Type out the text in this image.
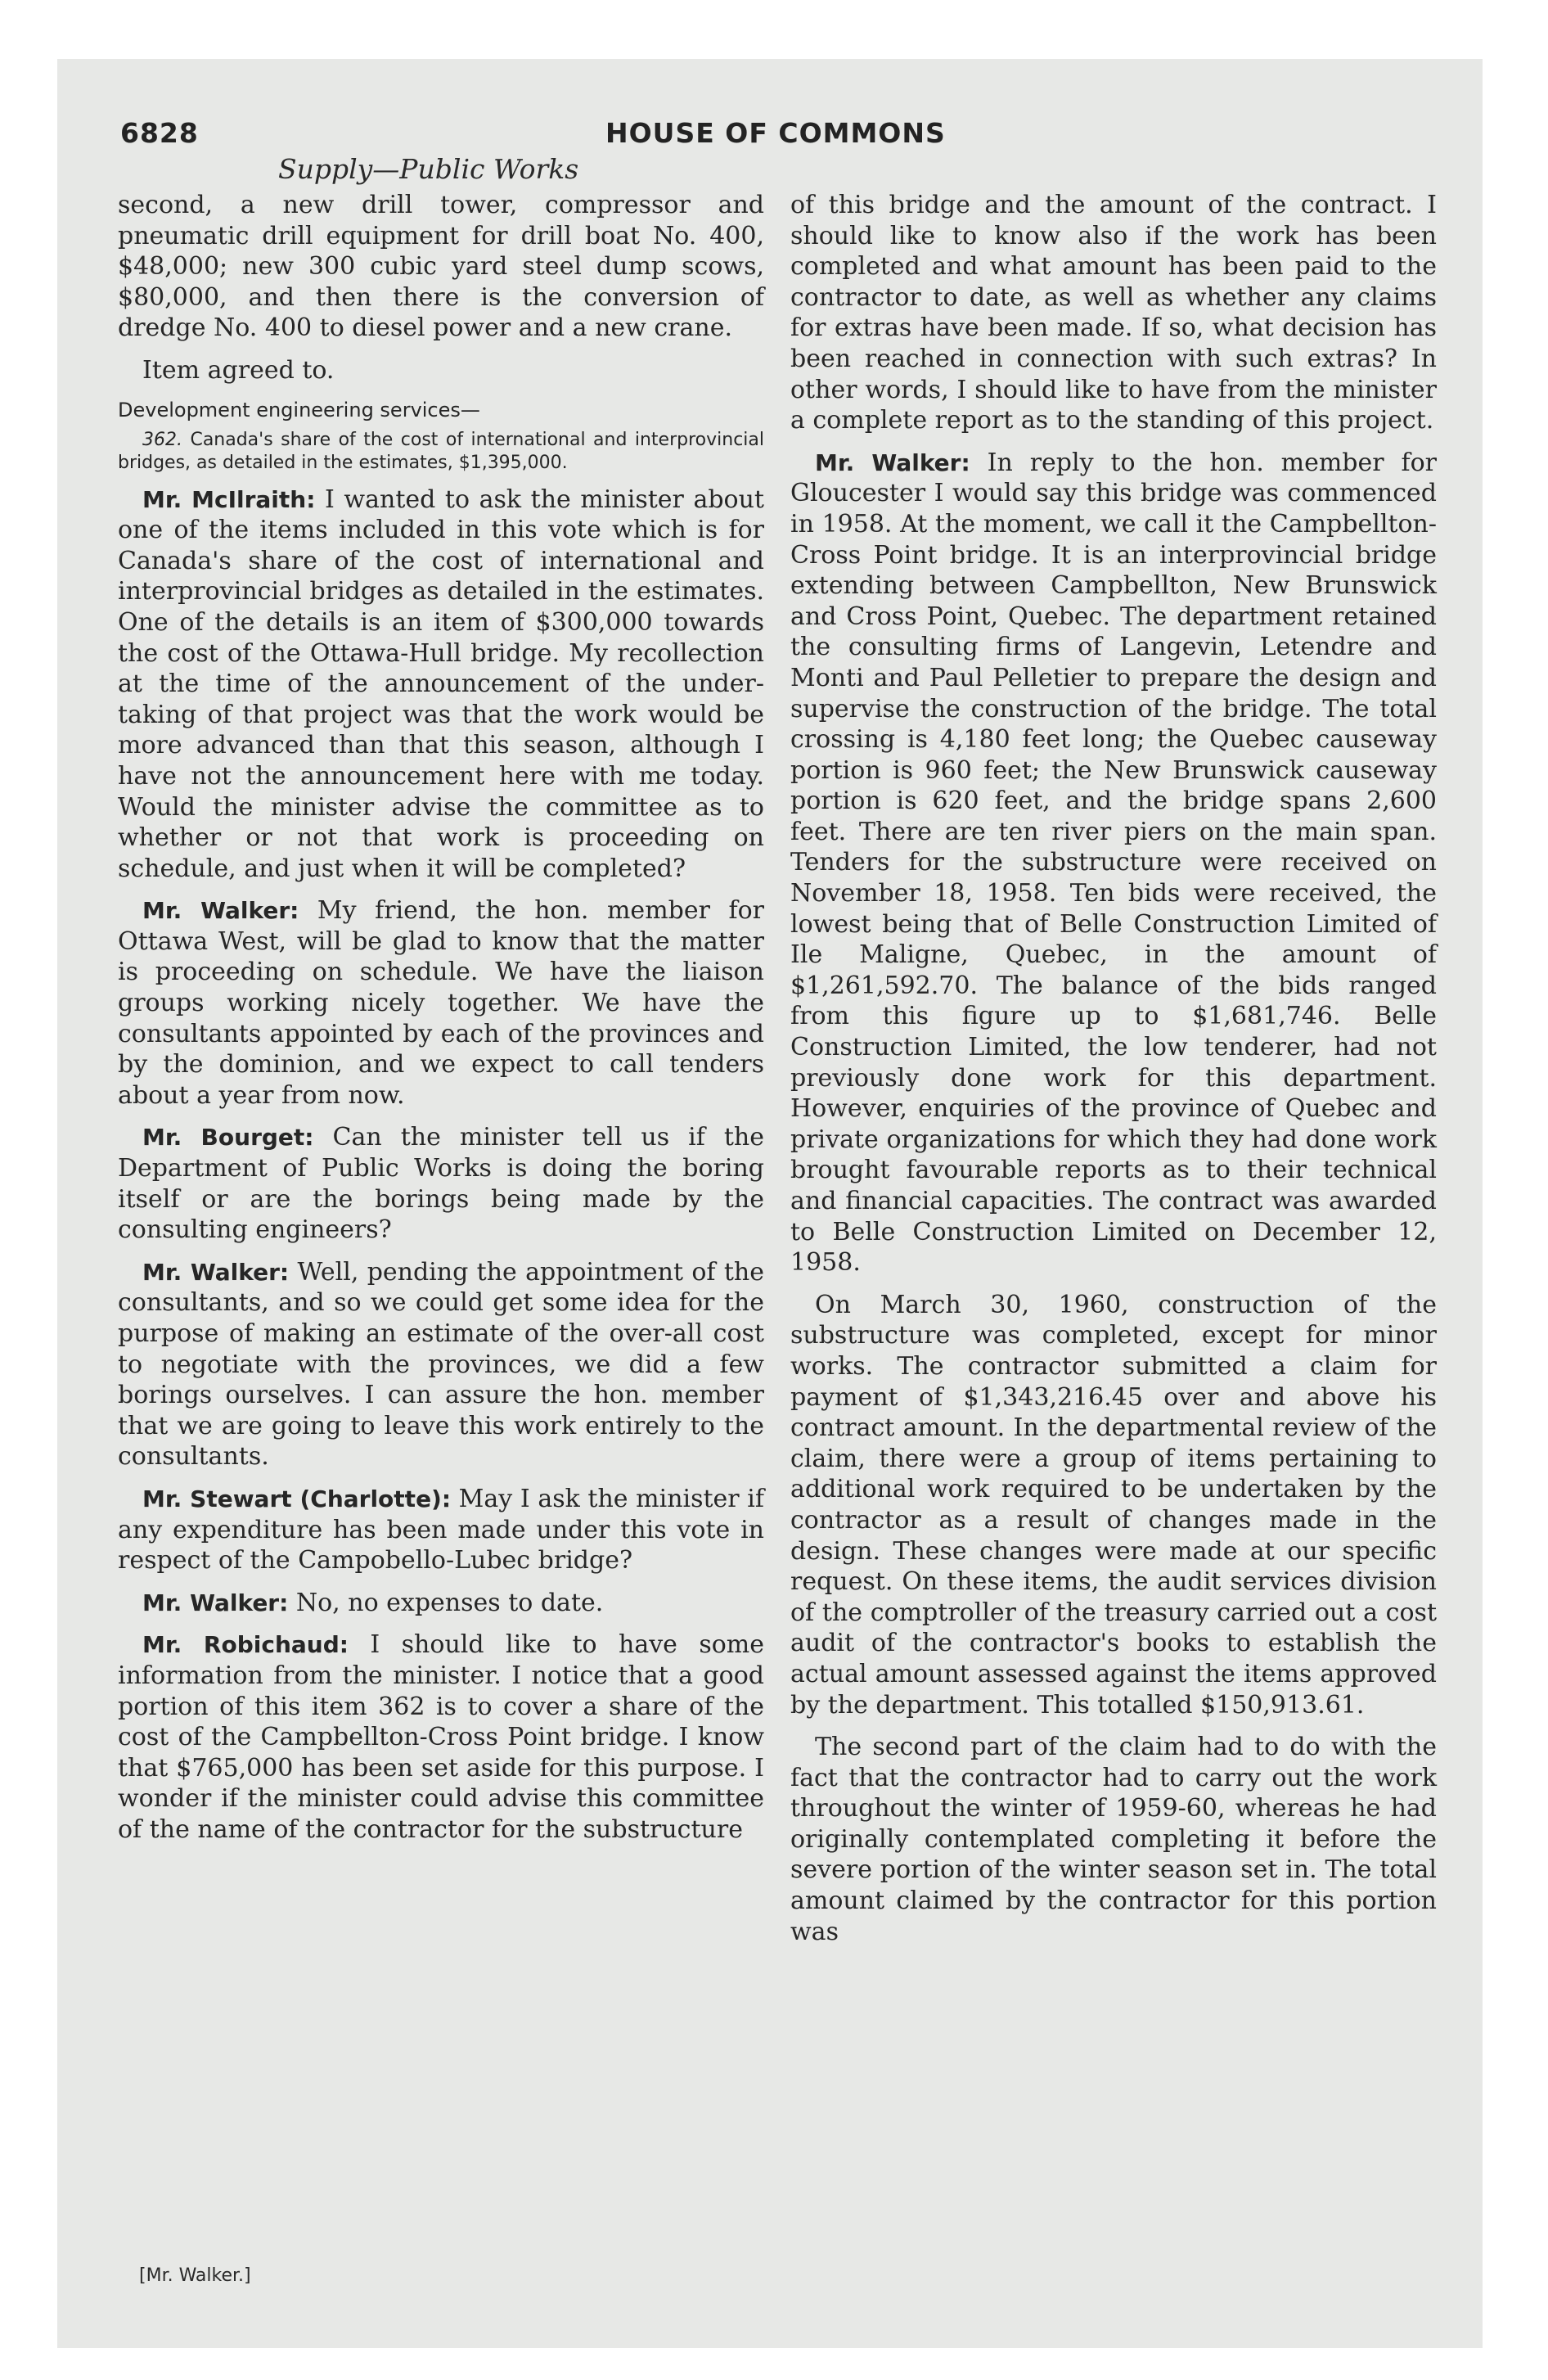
6828	HOUSE OF COMMONS
Supply—Public Works

second, a new drill tower, compressor and pneumatic drill equipment for drill boat No. 400, $48,000; new 300 cubic yard steel dump scows, $80,000, and then there is the conversion of dredge No. 400 to diesel power and a new crane.

Item agreed to.

Development engineering services—

362. Canada's share of the cost of international and interprovincial bridges, as detailed in the estimates, $1,395,000.

Mr. McIlraith: I wanted to ask the minister about one of the items included in this vote which is for Canada's share of the cost of international and interprovincial bridges as detailed in the estimates. One of the details is an item of $300,000 towards the cost of the Ottawa-Hull bridge. My recollection at the time of the announcement of the undertaking of that project was that the work would be more advanced than that this season, although I have not the announcement here with me today. Would the minister advise the committee as to whether or not that work is proceeding on schedule, and just when it will be completed?

Mr. Walker: My friend, the hon. member for Ottawa West, will be glad to know that the matter is proceeding on schedule. We have the liaison groups working nicely together. We have the consultants appointed by each of the provinces and by the dominion, and we expect to call tenders about a year from now.

Mr. Bourget: Can the minister tell us if the Department of Public Works is doing the boring itself or are the borings being made by the consulting engineers?

Mr. Walker: Well, pending the appointment of the consultants, and so we could get some idea for the purpose of making an estimate of the over-all cost to negotiate with the provinces, we did a few borings ourselves. I can assure the hon. member that we are going to leave this work entirely to the consultants.

Mr. Stewart (Charlotte): May I ask the minister if any expenditure has been made under this vote in respect of the Campobello-Lubec bridge?

Mr. Walker: No, no expenses to date.

Mr. Robichaud: I should like to have some information from the minister. I notice that a good portion of this item 362 is to cover a share of the cost of the Campbellton-Cross Point bridge. I know that $765,000 has been set aside for this purpose. I wonder if the minister could advise this committee of the name of the contractor for the substructure

of this bridge and the amount of the contract. I should like to know also if the work has been completed and what amount has been paid to the contractor to date, as well as whether any claims for extras have been made. If so, what decision has been reached in connection with such extras? In other words, I should like to have from the minister a complete report as to the standing of this project.

Mr. Walker: In reply to the hon. member for Gloucester I would say this bridge was commenced in 1958. At the moment, we call it the Campbellton-Cross Point bridge. It is an interprovincial bridge extending between Campbellton, New Brunswick and Cross Point, Quebec. The department retained the consulting firms of Langevin, Letendre and Monti and Paul Pelletier to prepare the design and supervise the construction of the bridge. The total crossing is 4,180 feet long; the Quebec causeway portion is 960 feet; the New Brunswick causeway portion is 620 feet, and the bridge spans 2,600 feet. There are ten river piers on the main span. Tenders for the substructure were received on November 18, 1958. Ten bids were received, the lowest being that of Belle Construction Limited of Ile Maligne, Quebec, in the amount of $1,261,592.70. The balance of the bids ranged from this figure up to $1,681,746. Belle Construction Limited, the low tenderer, had not previously done work for this department. However, enquiries of the province of Quebec and private organizations for which they had done work brought favourable reports as to their technical and financial capacities. The contract was awarded to Belle Construction Limited on December 12, 1958.

On March 30, 1960, construction of the substructure was completed, except for minor works. The contractor submitted a claim for payment of $1,343,216.45 over and above his contract amount. In the departmental review of the claim, there were a group of items pertaining to additional work required to be undertaken by the contractor as a result of changes made in the design. These changes were made at our specific request. On these items, the audit services division of the comptroller of the treasury carried out a cost audit of the contractor's books to establish the actual amount assessed against the items approved by the department. This totalled $150,913.61.

The second part of the claim had to do with the fact that the contractor had to carry out the work throughout the winter of 1959-60, whereas he had originally contemplated completing it before the severe portion of the winter season set in. The total amount claimed by the contractor for this portion was

[Mr. Walker.]
